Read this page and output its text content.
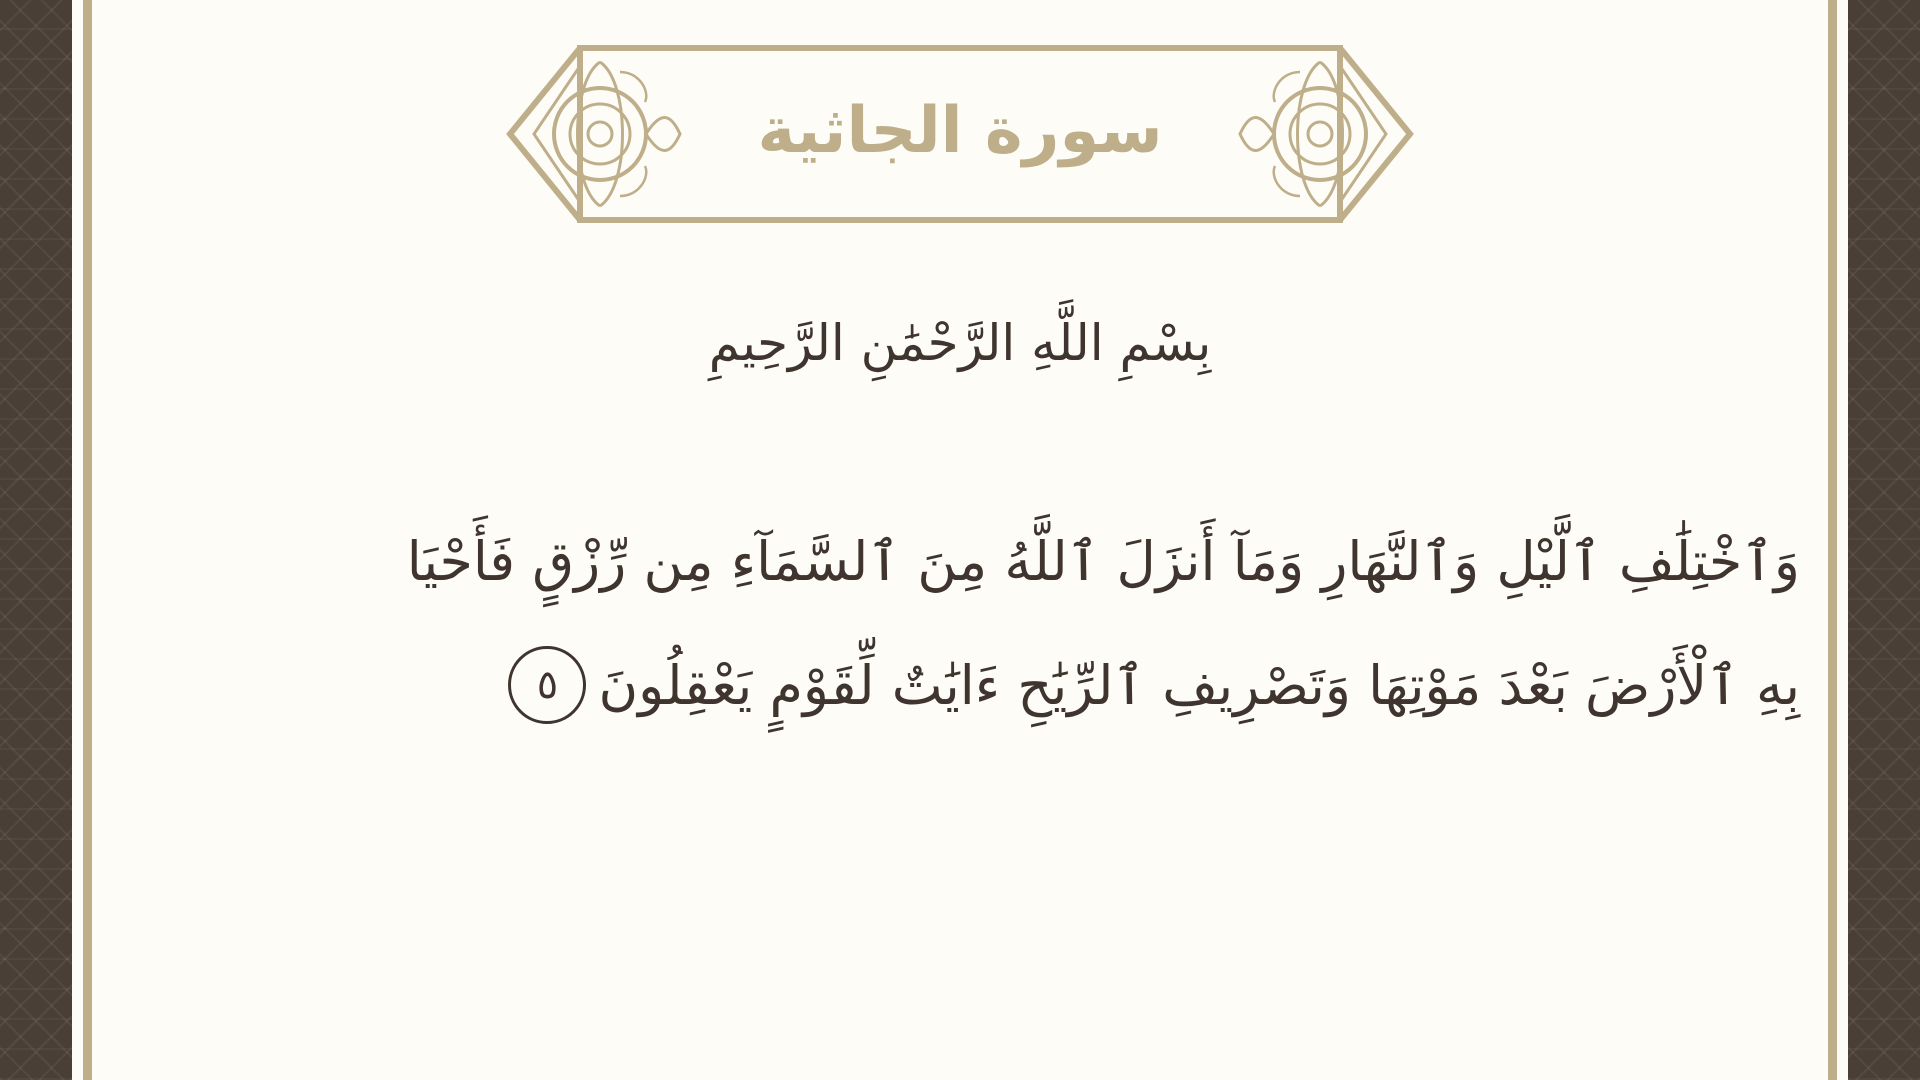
سورة الجاثية
بِسْمِ اللَّهِ الرَّحْمَٰنِ الرَّحِيمِ
وَٱخْتِلَٰفِ ٱلَّيْلِ وَٱلنَّهَارِ وَمَآ أَنزَلَ ٱللَّهُ مِنَ ٱلسَّمَآءِ مِن رِّزْقٍ فَأَحْيَا
بِهِ ٱلْأَرْضَ بَعْدَ مَوْتِهَا وَتَصْرِيفِ ٱلرِّيَٰحِ ءَايَٰتٌ لِّقَوْمٍ يَعْقِلُونَ٥
